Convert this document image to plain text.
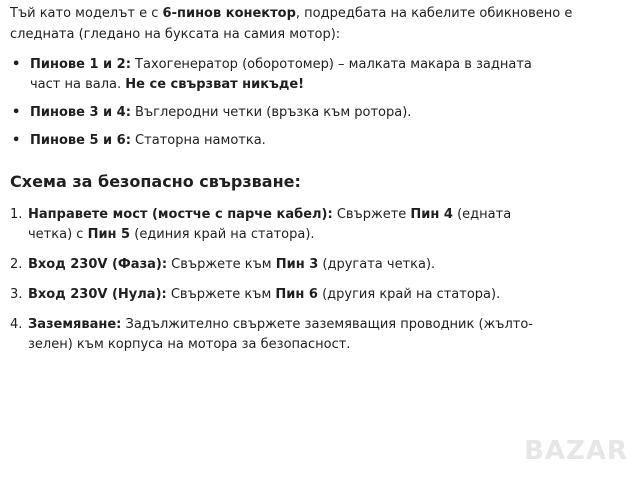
Тъй като моделът е с 6-пинов конектор, подредбата на кабелите обикновено е
следната (гледано на буксата на самия мотор):

• Пинове 1 и 2: Тахогенератор (оборотомер) – малката макара в задната част на вала. Не се свързват никъде!
• Пинове 3 и 4: Въглеродни четки (връзка към ротора).
• Пинове 5 и 6: Статорна намотка.
Схема за безопасно свързване:
1. Направете мост (мостче с парче кабел): Свържете Пин 4 (едната четка) с Пин 5 (единия край на статора).
2. Вход 230V (Фаза): Свържете към Пин 3 (другата четка).
3. Вход 230V (Нула): Свържете към Пин 6 (другия край на статора).
4. Заземяване: Задължително свържете заземяващия проводник (жълто-зелен) към корпуса на мотора за безопасност.
BAZAR
